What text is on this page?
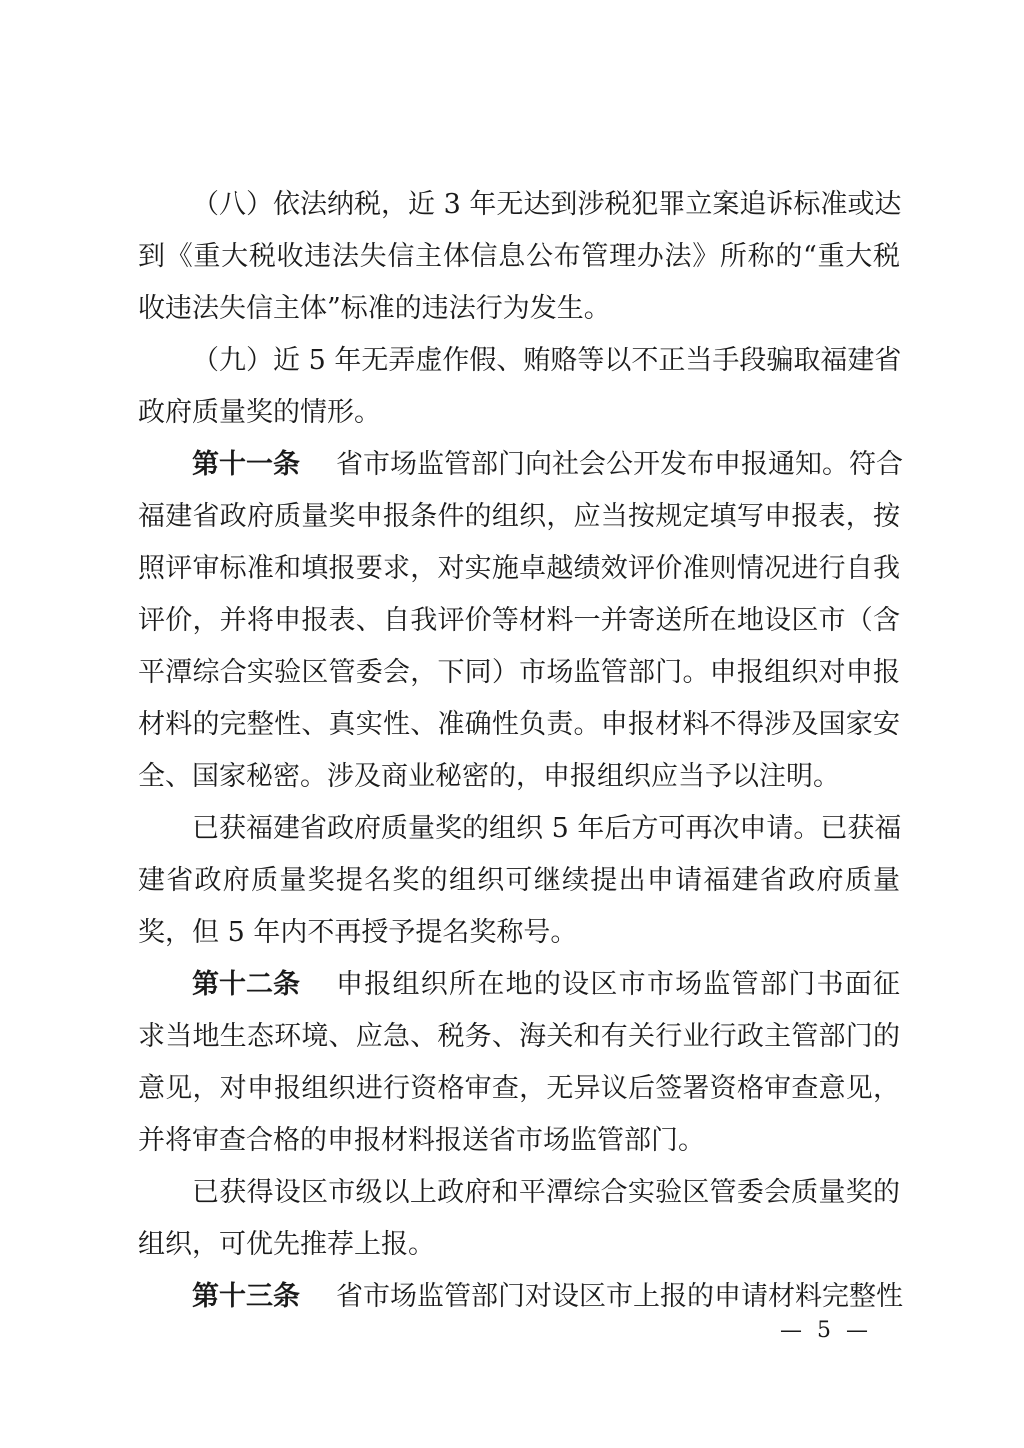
（八）依法纳税，近 3 年无达到涉税犯罪立案追诉标准或达
到《重大税收违法失信主体信息公布管理办法》所称的“重大税
收违法失信主体”标准的违法行为发生。
（九）近 5 年无弄虚作假、贿赂等以不正当手段骗取福建省
政府质量奖的情形。
第十一条 省市场监管部门向社会公开发布申报通知。符合
福建省政府质量奖申报条件的组织，应当按规定填写申报表，按
照评审标准和填报要求，对实施卓越绩效评价准则情况进行自我
评价，并将申报表、自我评价等材料一并寄送所在地设区市（含
平潭综合实验区管委会，下同）市场监管部门。申报组织对申报
材料的完整性、真实性、准确性负责。申报材料不得涉及国家安
全、国家秘密。涉及商业秘密的，申报组织应当予以注明。
已获福建省政府质量奖的组织 5 年后方可再次申请。已获福
建省政府质量奖提名奖的组织可继续提出申请福建省政府质量
奖，但 5 年内不再授予提名奖称号。
第十二条 申报组织所在地的设区市市场监管部门书面征
求当地生态环境、应急、税务、海关和有关行业行政主管部门的
意见，对申报组织进行资格审查，无异议后签署资格审查意见，
并将审查合格的申报材料报送省市场监管部门。
已获得设区市级以上政府和平潭综合实验区管委会质量奖的
组织，可优先推荐上报。
第十三条 省市场监管部门对设区市上报的申请材料完整性
— 5 —
